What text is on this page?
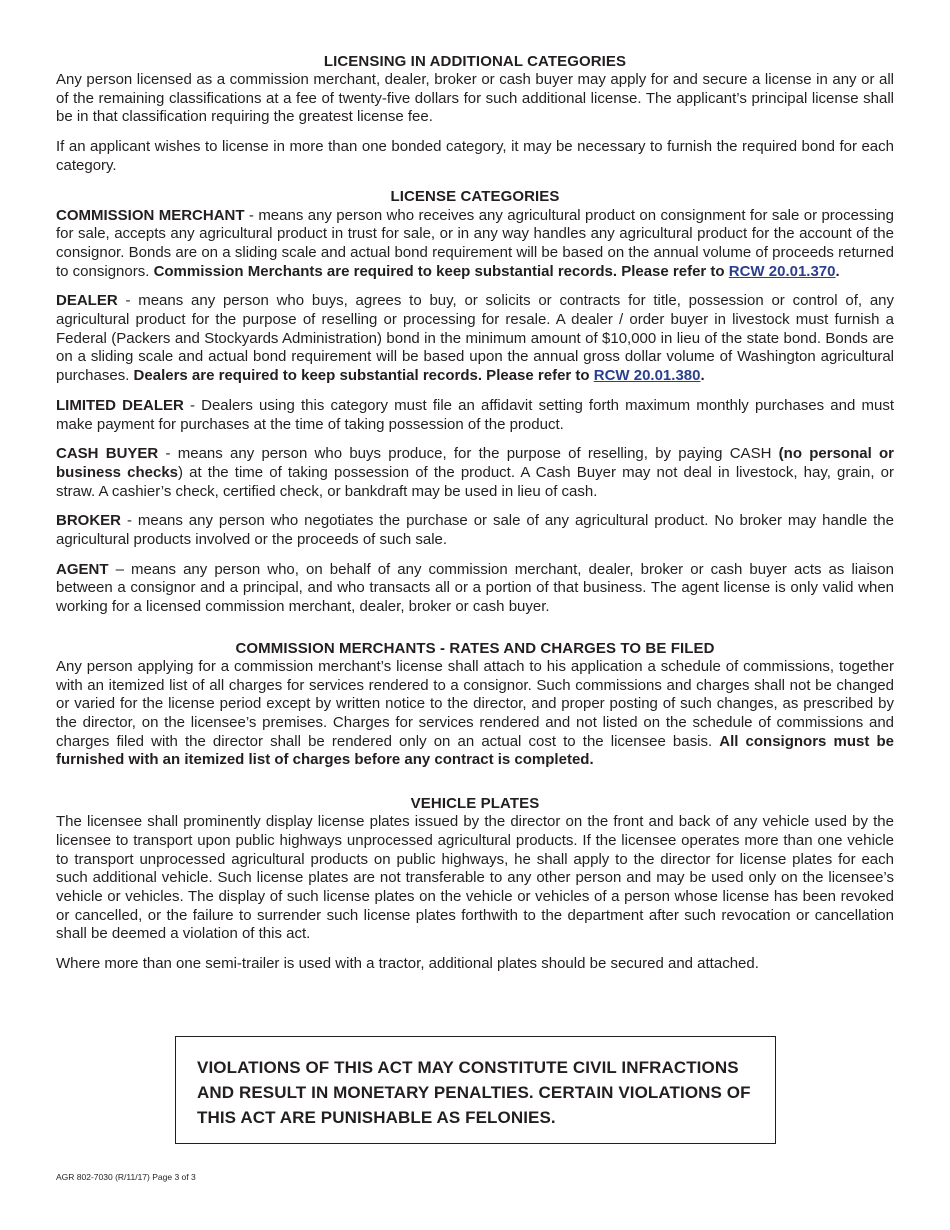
LICENSING IN ADDITIONAL CATEGORIES

Any person licensed as a commission merchant, dealer, broker or cash buyer may apply for and secure a license in any or all of the remaining classifications at a fee of twenty-five dollars for such additional license. The applicant’s principal license shall be in that classification requiring the greatest license fee.

If an applicant wishes to license in more than one bonded category, it may be necessary to furnish the required bond for each category.

LICENSE CATEGORIES

COMMISSION MERCHANT - means any person who receives any agricultural product on consignment for sale or processing for sale, accepts any agricultural product in trust for sale, or in any way handles any agricultural product for the account of the consignor. Bonds are on a sliding scale and actual bond requirement will be based on the annual volume of proceeds returned to consignors. Commission Merchants are required to keep substantial records. Please refer to RCW 20.01.370.

DEALER - means any person who buys, agrees to buy, or solicits or contracts for title, possession or control of, any agricultural product for the purpose of reselling or processing for resale. A dealer / order buyer in livestock must furnish a Federal (Packers and Stockyards Administration) bond in the minimum amount of $10,000 in lieu of the state bond. Bonds are on a sliding scale and actual bond requirement will be based upon the annual gross dollar volume of Washington agricultural purchases. Dealers are required to keep substantial records. Please refer to RCW 20.01.380.

LIMITED DEALER - Dealers using this category must file an affidavit setting forth maximum monthly purchases and must make payment for purchases at the time of taking possession of the product.

CASH BUYER - means any person who buys produce, for the purpose of reselling, by paying CASH (no personal or business checks) at the time of taking possession of the product. A Cash Buyer may not deal in livestock, hay, grain, or straw. A cashier’s check, certified check, or bankdraft may be used in lieu of cash.

BROKER - means any person who negotiates the purchase or sale of any agricultural product. No broker may handle the agricultural products involved or the proceeds of such sale.

AGENT – means any person who, on behalf of any commission merchant, dealer, broker or cash buyer acts as liaison between a consignor and a principal, and who transacts all or a portion of that business. The agent license is only valid when working for a licensed commission merchant, dealer, broker or cash buyer.

COMMISSION MERCHANTS - RATES AND CHARGES TO BE FILED

Any person applying for a commission merchant’s license shall attach to his application a schedule of commissions, together with an itemized list of all charges for services rendered to a consignor. Such commissions and charges shall not be changed or varied for the license period except by written notice to the director, and proper posting of such changes, as prescribed by the director, on the licensee’s premises. Charges for services rendered and not listed on the schedule of commissions and charges filed with the director shall be rendered only on an actual cost to the licensee basis. All consignors must be furnished with an itemized list of charges before any contract is completed.

VEHICLE PLATES

The licensee shall prominently display license plates issued by the director on the front and back of any vehicle used by the licensee to transport upon public highways unprocessed agricultural products. If the licensee operates more than one vehicle to transport unprocessed agricultural products on public highways, he shall apply to the director for license plates for each such additional vehicle. Such license plates are not transferable to any other person and may be used only on the licensee’s vehicle or vehicles. The display of such license plates on the vehicle or vehicles of a person whose license has been revoked or cancelled, or the failure to surrender such license plates forthwith to the department after such revocation or cancellation shall be deemed a violation of this act.

Where more than one semi-trailer is used with a tractor, additional plates should be secured and attached.

VIOLATIONS OF THIS ACT MAY CONSTITUTE CIVIL INFRACTIONS
AND RESULT IN MONETARY PENALTIES. CERTAIN VIOLATIONS OF
THIS ACT ARE PUNISHABLE AS FELONIES.
AGR 802-7030 (R/11/17) Page 3 of 3
